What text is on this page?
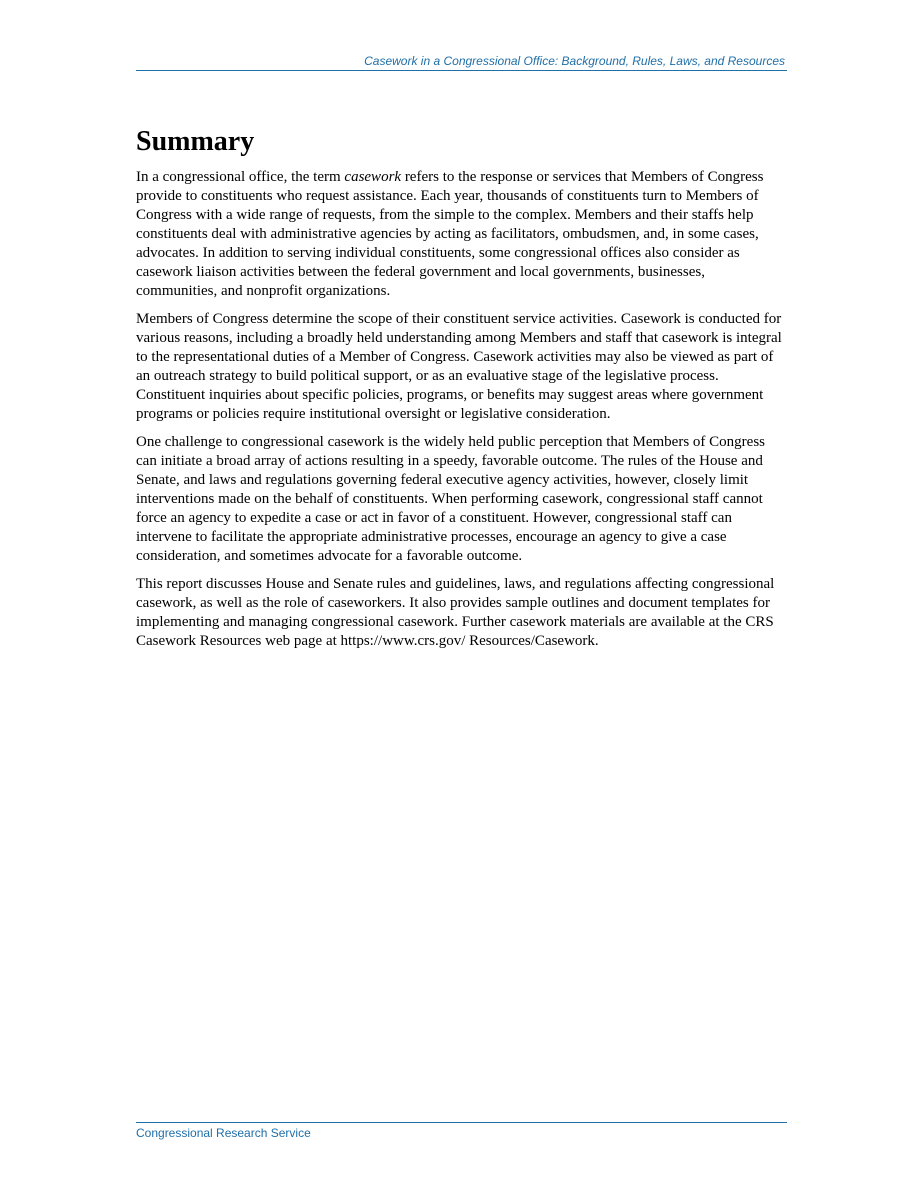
Casework in a Congressional Office: Background, Rules, Laws, and Resources
Summary

In a congressional office, the term casework refers to the response or services that Members of Congress provide to constituents who request assistance. Each year, thousands of constituents turn to Members of Congress with a wide range of requests, from the simple to the complex. Members and their staffs help constituents deal with administrative agencies by acting as facilitators, ombudsmen, and, in some cases, advocates. In addition to serving individual constituents, some congressional offices also consider as casework liaison activities between the federal government and local governments, businesses, communities, and nonprofit organizations.

Members of Congress determine the scope of their constituent service activities. Casework is conducted for various reasons, including a broadly held understanding among Members and staff that casework is integral to the representational duties of a Member of Congress. Casework activities may also be viewed as part of an outreach strategy to build political support, or as an evaluative stage of the legislative process. Constituent inquiries about specific policies, programs, or benefits may suggest areas where government programs or policies require institutional oversight or legislative consideration.

One challenge to congressional casework is the widely held public perception that Members of Congress can initiate a broad array of actions resulting in a speedy, favorable outcome. The rules of the House and Senate, and laws and regulations governing federal executive agency activities, however, closely limit interventions made on the behalf of constituents. When performing casework, congressional staff cannot force an agency to expedite a case or act in favor of a constituent. However, congressional staff can intervene to facilitate the appropriate administrative processes, encourage an agency to give a case consideration, and sometimes advocate for a favorable outcome.

This report discusses House and Senate rules and guidelines, laws, and regulations affecting congressional casework, as well as the role of caseworkers. It also provides sample outlines and document templates for implementing and managing congressional casework. Further casework materials are available at the CRS Casework Resources web page at https://www.crs.gov/ Resources/Casework.

Congressional Research Service
